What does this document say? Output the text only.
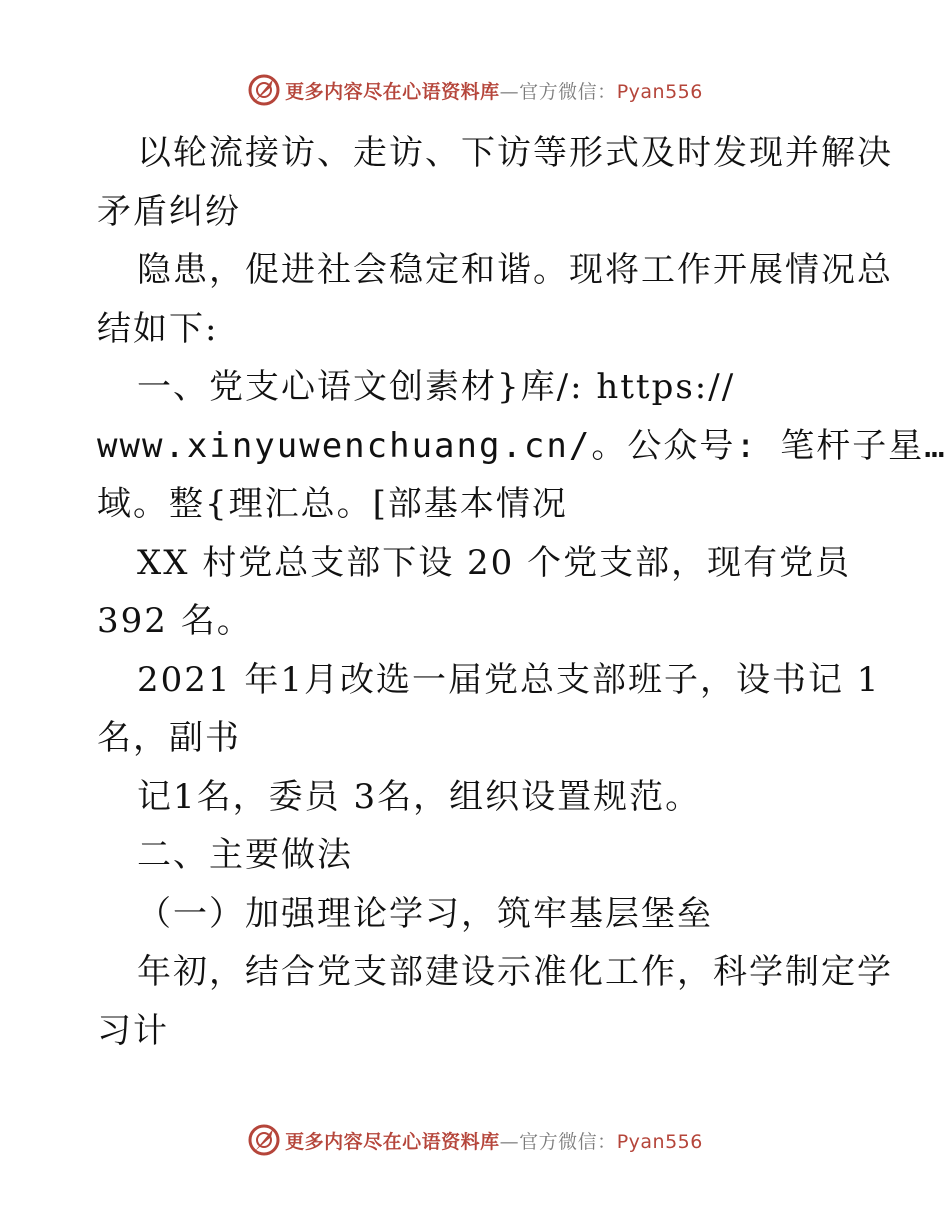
更多内容尽在心语资料库—官方微信：Pyan556
以轮流接访、走访、下访等形式及时发现并解决
矛盾纠纷
隐患，促进社会稳定和谐。现将工作开展情况总
结如下:
一、党支心语文创素材}库/: https://
www.xinyuwenchuang.cn/。公众号: 笔杆子星…
域。整{理汇总。[部基本情况
XX 村党总支部下设 20 个党支部，现有党员
392 名。
2021 年1月改选一届党总支部班子，设书记 1
名，副书
记1名，委员 3名，组织设置规范。
二、主要做法
（一）加强理论学习，筑牢基层堡垒
年初，结合党支部建设示准化工作，科学制定学
习计
更多内容尽在心语资料库—官方微信：Pyan556
